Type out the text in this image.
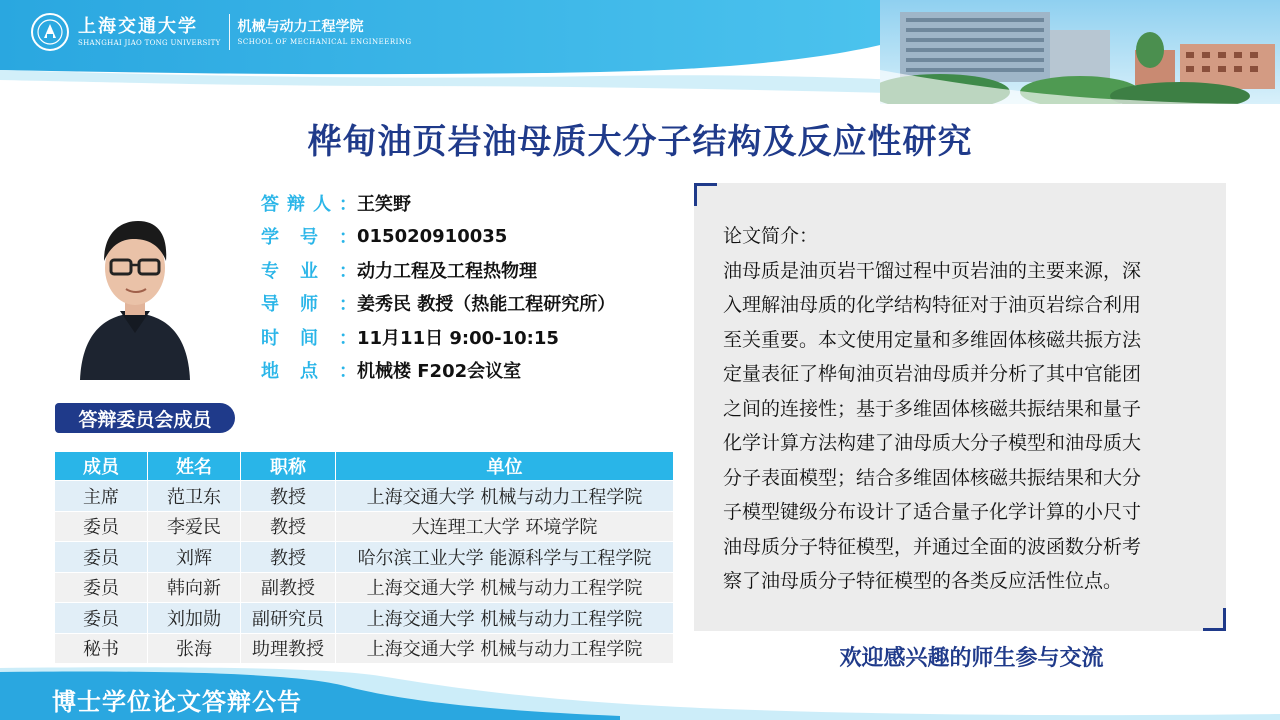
上海交通大学
SHANGHAI JIAO TONG UNIVERSITY
机械与动力工程学院
SCHOOL OF MECHANICAL ENGINEERING
桦甸油页岩油母质大分子结构及反应性研究
答 辩 人 ： 王笑野
学 号 ： 015020910035
专 业 ： 动力工程及工程热物理
导 师 ： 姜秀民 教授（热能工程研究所）
时 间 ： 11月11日 9:00-10:15
地 点 ： 机械楼 F202会议室
答辩委员会成员
成员	姓名	职称	单位
主席	范卫东	教授	上海交通大学 机械与动力工程学院
委员	李爱民	教授	大连理工大学 环境学院
委员	刘辉	教授	哈尔滨工业大学 能源科学与工程学院
委员	韩向新	副教授	上海交通大学 机械与动力工程学院
委员	刘加勋	副研究员	上海交通大学 机械与动力工程学院
秘书	张海	助理教授	上海交通大学 机械与动力工程学院
论文简介：
油母质是油页岩干馏过程中页岩油的主要来源，深
入理解油母质的化学结构特征对于油页岩综合利用
至关重要。本文使用定量和多维固体核磁共振方法
定量表征了桦甸油页岩油母质并分析了其中官能团
之间的连接性；基于多维固体核磁共振结果和量子
化学计算方法构建了油母质大分子模型和油母质大
分子表面模型；结合多维固体核磁共振结果和大分
子模型键级分布设计了适合量子化学计算的小尺寸
油母质分子特征模型，并通过全面的波函数分析考
察了油母质分子特征模型的各类反应活性位点。
欢迎感兴趣的师生参与交流
博士学位论文答辩公告
